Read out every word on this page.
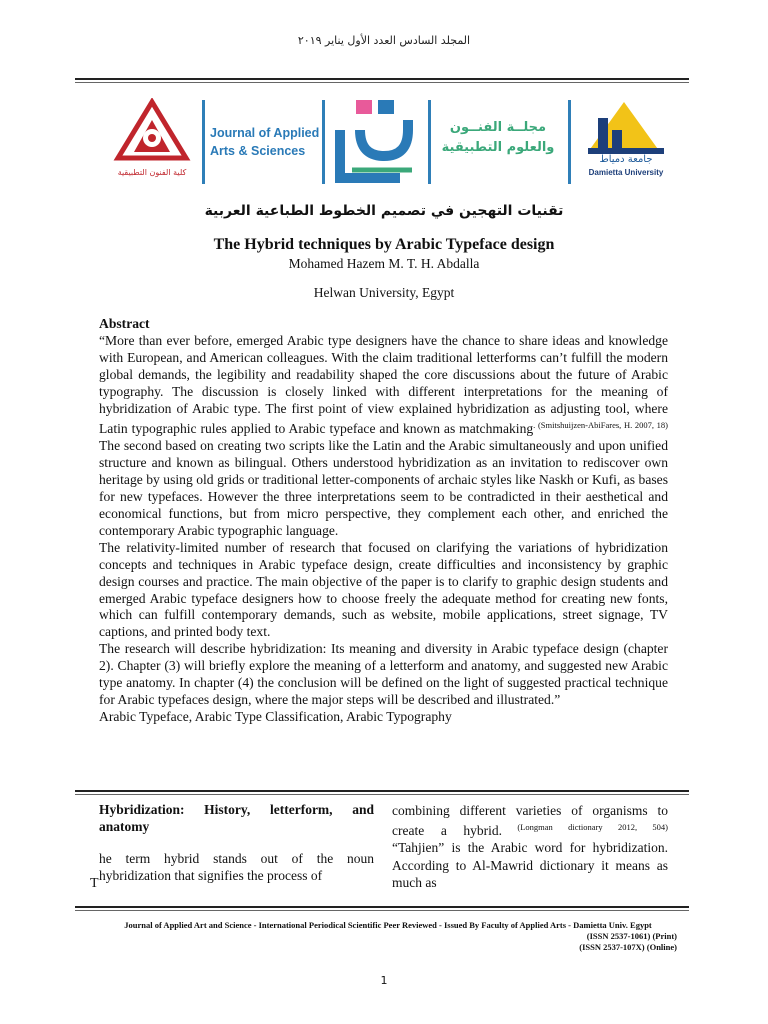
المجلد السادس العدد الأول يناير ٢٠١٩
كلية الفنون التطبيقية
Journal of Applied
Arts & Sciences
مجلــة الفنــون
والعلوم التطبيقية
جامعة دمياط
Damietta University
تقنيات التهجين في تصميم الخطوط الطباعية العربية
The Hybrid techniques by Arabic Typeface design
Mohamed Hazem M. T. H. Abdalla
Helwan University, Egypt

Abstract

“More than ever before, emerged Arabic type designers have the chance to share ideas and knowledge with European, and American colleagues. With the claim traditional letterforms can’t fulfill the modern global demands, the legibility and readability shaped the core discussions about the future of Arabic typography. The discussion is closely linked with different interpretations for the meaning of hybridization of Arabic type. The first point of view explained hybridization as adjusting tool, where Latin typographic rules applied to Arabic typeface and known as matchmaking$^{. (Smitshuijzen-AbiFares, H. 2007, 18)}$ The second based on creating two scripts like the Latin and the Arabic simultaneously and upon unified structure and known as bilingual. Others understood hybridization as an invitation to rediscover own heritage by using old grids or traditional letter-components of archaic styles like Naskh or Kufi, as bases for new typefaces. However the three interpretations seem to be contradicted in their aesthetical and economical functions, but from micro perspective, they complement each other, and enriched the contemporary Arabic typographic language.

The relativity-limited number of research that focused on clarifying the variations of hybridization concepts and techniques in Arabic typeface design, create difficulties and inconsistency by graphic design courses and practice. The main objective of the paper is to clarify to graphic design students and emerged Arabic typeface designers how to choose freely the adequate method for creating new fonts, which can fulfill contemporary demands, such as website, mobile applications, street signage, TV captions, and printed body text.

The research will describe hybridization: Its meaning and diversity in Arabic typeface design (chapter 2). Chapter (3) will briefly explore the meaning of a letterform and anatomy, and suggested new Arabic type anatomy. In chapter (4) the conclusion will be defined on the light of suggested practical technique for Arabic typefaces design, where the major steps will be described and illustrated.”

Arabic Typeface, Arabic Type Classification, Arabic Typography

Hybridization: History, letterform, and anatomy

he term hybrid stands out of the noun hybridization that signifies the process of

T

combining different varieties of organisms to create a hybrid. $^{(Longman dictionary 2012, 504)}$

“Tahjien” is the Arabic word for hybridization. According to Al-Mawrid dictionary it means as much as

Journal of Applied Art and Science - International Periodical Scientific Peer Reviewed - Issued By Faculty of Applied Arts - Damietta Univ. Egypt
(ISSN 2537-1061) (Print)
(ISSN 2537-107X) (Online)
1
